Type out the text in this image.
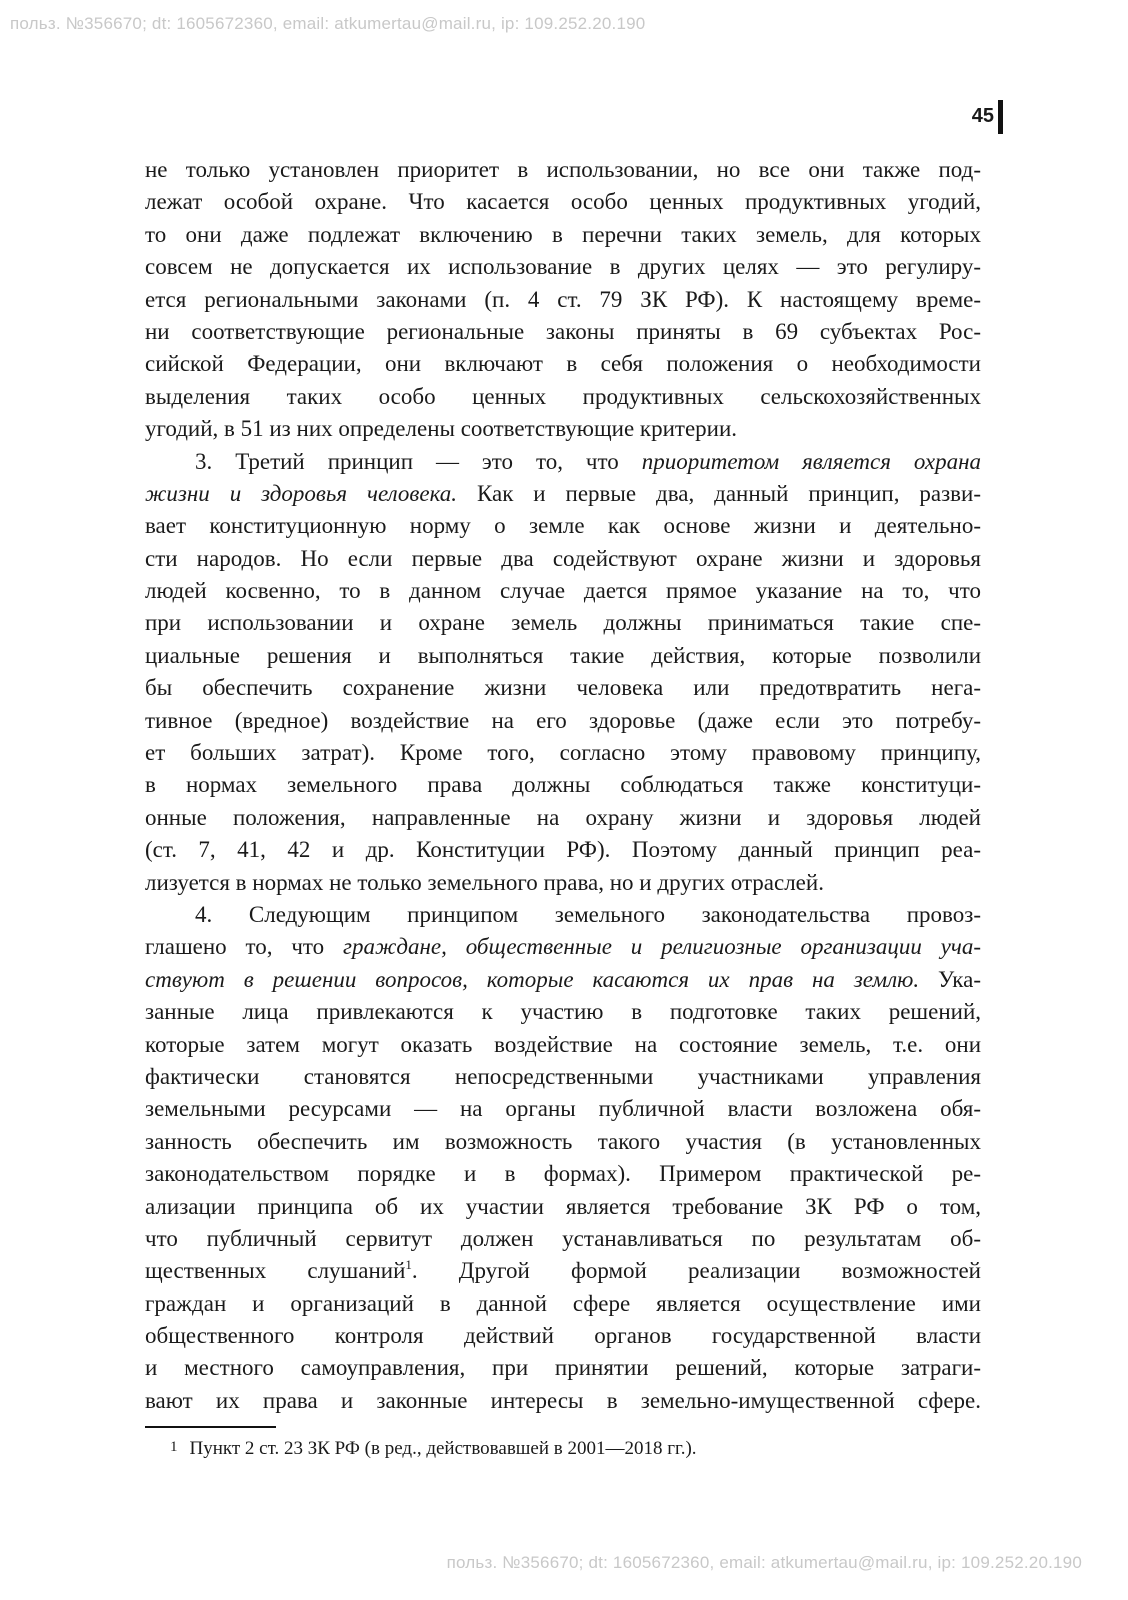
польз. №356670; dt: 1605672360, email: atkumertau@mail.ru, ip: 109.252.20.190
45
не только установлен приоритет в использовании, но все они также под-
лежат особой охране. Что касается особо ценных продуктивных угодий,
то они даже подлежат включению в перечни таких земель, для которых
совсем не допускается их использование в других целях — это регулиру-
ется региональными законами (п. 4 ст. 79 ЗК РФ). К настоящему време-
ни соответствующие региональные законы приняты в 69 субъектах Рос-
сийской Федерации, они включают в себя положения о необходимости
выделения таких особо ценных продуктивных сельскохозяйственных
угодий, в 51 из них определены соответствующие критерии.
3. Третий принцип — это то, что приоритетом является охрана
жизни и здоровья человека. Как и первые два, данный принцип, разви-
вает конституционную норму о земле как основе жизни и деятельно-
сти народов. Но если первые два содействуют охране жизни и здоровья
людей косвенно, то в данном случае дается прямое указание на то, что
при использовании и охране земель должны приниматься такие спе-
циальные решения и выполняться такие действия, которые позволили
бы обеспечить сохранение жизни человека или предотвратить нега-
тивное (вредное) воздействие на его здоровье (даже если это потребу-
ет больших затрат). Кроме того, согласно этому правовому принципу,
в нормах земельного права должны соблюдаться также конституци-
онные положения, направленные на охрану жизни и здоровья людей
(ст. 7, 41, 42 и др. Конституции РФ). Поэтому данный принцип реа-
лизуется в нормах не только земельного права, но и других отраслей.
4. Следующим принципом земельного законодательства провоз-
глашено то, что граждане, общественные и религиозные организации уча-
ствуют в решении вопросов, которые касаются их прав на землю. Ука-
занные лица привлекаются к участию в подготовке таких решений,
которые затем могут оказать воздействие на состояние земель, т.е. они
фактически становятся непосредственными участниками управления
земельными ресурсами — на органы публичной власти возложена обя-
занность обеспечить им возможность такого участия (в установленных
законодательством порядке и в формах). Примером практической ре-
ализации принципа об их участии является требование ЗК РФ о том,
что публичный сервитут должен устанавливаться по результатам об-
щественных слушаний$^1$. Другой формой реализации возможностей
граждан и организаций в данной сфере является осуществление ими
общественного контроля действий органов государственной власти
и местного самоуправления, при принятии решений, которые затраги-
вают их права и законные интересы в земельно-имущественной сфере.
1 Пункт 2 ст. 23 ЗК РФ (в ред., действовавшей в 2001—2018 гг.).
польз. №356670; dt: 1605672360, email: atkumertau@mail.ru, ip: 109.252.20.190
